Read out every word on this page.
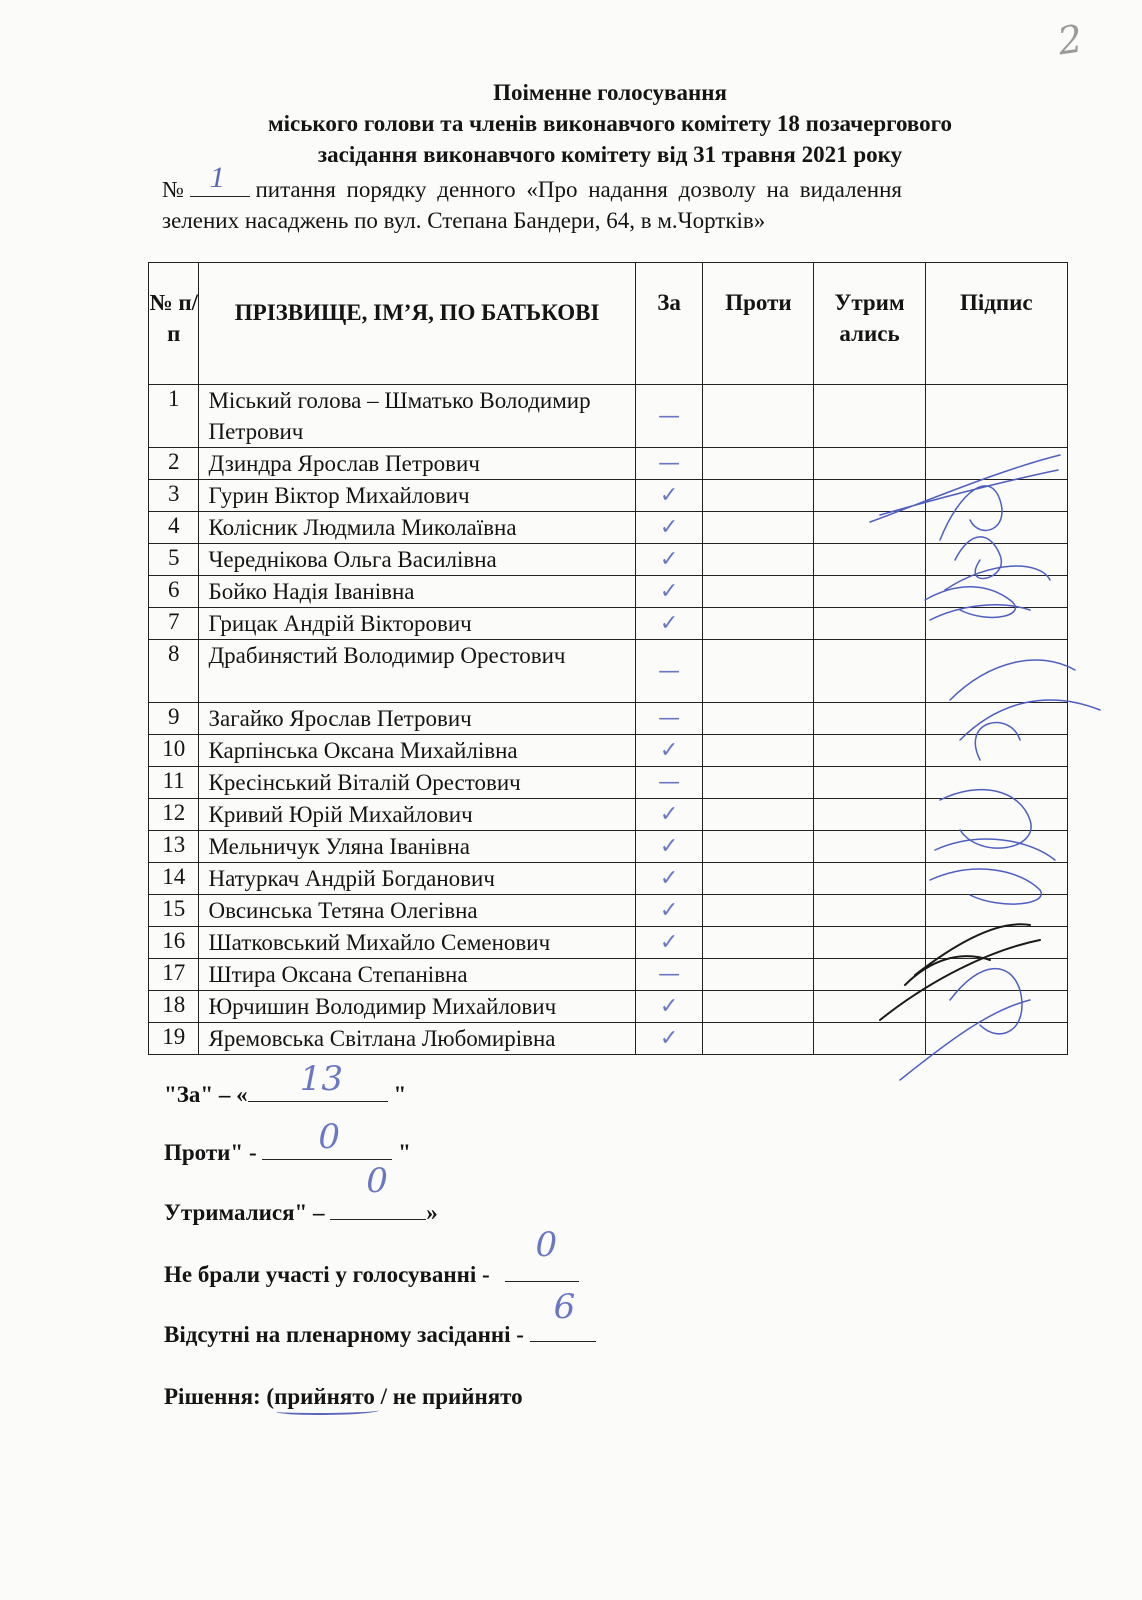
2
Поіменне голосування
міського голови та членів виконавчого комітету 18 позачергового
засідання виконавчого комітету від 31 травня 2021 року
№ 1 питання порядку денного «Про надання дозволу на видалення
зелених насаджень по вул. Степана Бандери, 64, в м.Чортків»
№ п/п	ПРІЗВИЩЕ, ІМ’Я, ПО БАТЬКОВІ	За	Проти	Утрим ались	Підпис
1	Міський голова – Шматько Володимир Петрович	—			
2	Дзиндра Ярослав Петрович	—			
3	Гурин Віктор Михайлович	✓			
4	Колісник Людмила Миколаївна	✓			
5	Череднікова Ольга Василівна	✓			
6	Бойко Надія Іванівна	✓			
7	Грицак Андрій Вікторович	✓			
8	Драбинястий Володимир Орестович	—			
9	Загайко Ярослав Петрович	—			
10	Карпінська Оксана Михайлівна	✓			
11	Кресінський Віталій Орестович	—			
12	Кривий Юрій Михайлович	✓			
13	Мельничук Уляна Іванівна	✓			
14	Натуркач Андрій Богданович	✓			
15	Овсинська Тетяна Олегівна	✓			
16	Шатковський Михайло Семенович	✓			
17	Штира Оксана Степанівна	—			
18	Юрчишин Володимир Михайлович	✓			
19	Яремовська Світлана Любомирівна	✓			
"За" – « 13 "
Проти" - 0	"
Утрималися" –
0
»
Не брали участі у голосуванні -
0
Відсутні на пленарному засіданні -
6
Рішення: (прийнято / не прийнято
